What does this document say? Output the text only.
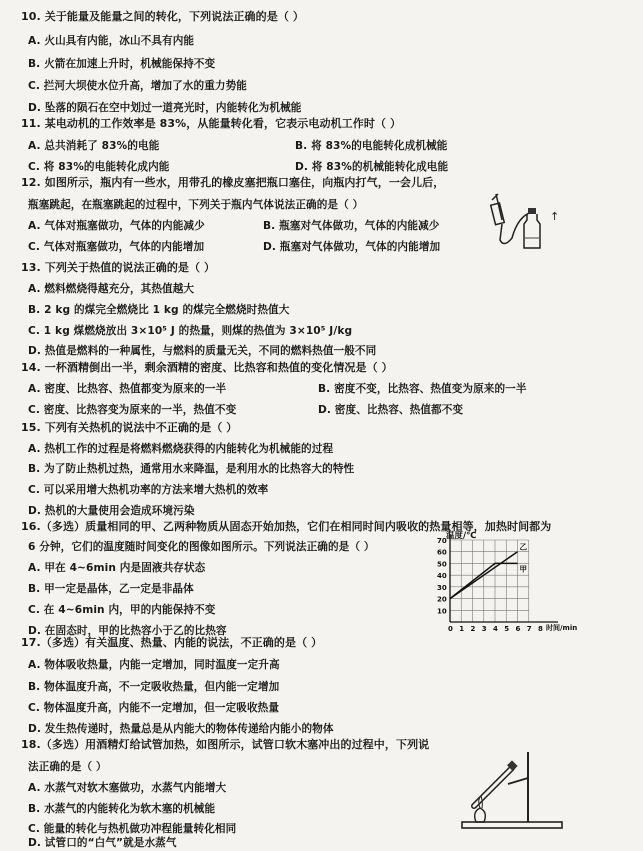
10. 关于能量及能量之间的转化，下列说法正确的是（ ）
A. 火山具有内能，冰山不具有内能
B. 火箭在加速上升时，机械能保持不变
C. 拦河大坝使水位升高，增加了水的重力势能
D. 坠落的陨石在空中划过一道亮光时，内能转化为机械能
11. 某电动机的工作效率是 83%，从能量转化看，它表示电动机工作时（ ）
A. 总共消耗了 83%的电能	B. 将 83%的电能转化成机械能
C. 将 83%的电能转化成内能	D. 将 83%的机械能转化成电能
12. 如图所示，瓶内有一些水，用带孔的橡皮塞把瓶口塞住，向瓶内打气，一会儿后，
瓶塞跳起，在瓶塞跳起的过程中，下列关于瓶内气体说法正确的是（ ）
A. 气体对瓶塞做功，气体的内能减少	B. 瓶塞对气体做功，气体的内能减少
C. 气体对瓶塞做功，气体的内能增加	D. 瓶塞对气体做功，气体的内能增加
↑
13. 下列关于热值的说法正确的是（ ）
A. 燃料燃烧得越充分，其热值越大
B. 2 kg 的煤完全燃烧比 1 kg 的煤完全燃烧时热值大
C. 1 kg 煤燃烧放出 3×10⁵ J 的热量，则煤的热值为 3×10⁵ J/kg
D. 热值是燃料的一种属性，与燃料的质量无关，不同的燃料热值一般不同
14. 一杯酒精倒出一半，剩余酒精的密度、比热容和热值的变化情况是（ ）
A. 密度、比热容、热值都变为原来的一半	B. 密度不变，比热容、热值变为原来的一半
C. 密度、比热容变为原来的一半，热值不变	D. 密度、比热容、热值都不变
15. 下列有关热机的说法中不正确的是（ ）
A. 热机工作的过程是将燃料燃烧获得的内能转化为机械能的过程
B. 为了防止热机过热，通常用水来降温，是利用水的比热容大的特性
C. 可以采用增大热机功率的方法来增大热机的效率
D. 热机的大量使用会造成环境污染
16.（多选）质量相同的甲、乙两种物质从固态开始加热，它们在相同时间内吸收的热量相等，加热时间都为
6 分钟，它们的温度随时间变化的图像如图所示。下列说法正确的是（ ）
A. 甲在 4~6min 内是固液共存状态
B. 甲一定是晶体，乙一定是非晶体
C. 在 4~6min 内，甲的内能保持不变
D. 在固态时，甲的比热容小于乙的比热容	0 1 2 3 4 5 6 7 8
10
20
30
40
50
60
70
甲
乙
温度/℃
时间/min
17.（多选）有关温度、热量、内能的说法，不正确的是（ ）
A. 物体吸收热量，内能一定增加，同时温度一定升高
B. 物体温度升高，不一定吸收热量，但内能一定增加
C. 物体温度升高，内能不一定增加，但一定吸收热量
D. 发生热传递时，热量总是从内能大的物体传递给内能小的物体
18.（多选）用酒精灯给试管加热，如图所示，试管口软木塞冲出的过程中，下列说
法正确的是（ ）
A. 水蒸气对软木塞做功，水蒸气内能增大
B. 水蒸气的内能转化为软木塞的机械能
C. 能量的转化与热机做功冲程能量转化相同
D. 试管口的“白气”就是水蒸气
